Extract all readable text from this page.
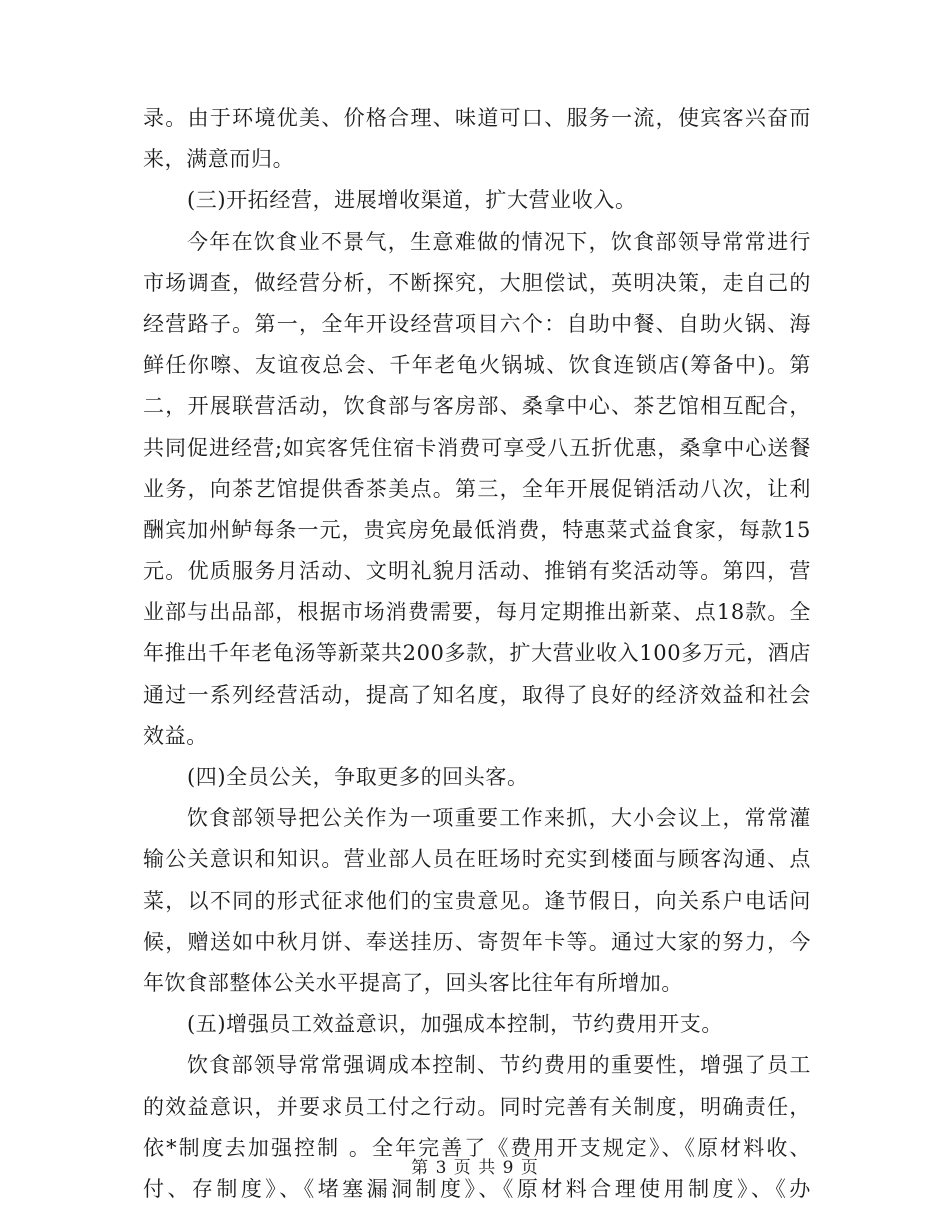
录。由于环境优美、价格合理、味道可口、服务一流，使宾客兴奋而
来，满意而归。
(三)开拓经营，进展增收渠道，扩大营业收入。
今年在饮食业不景气，生意难做的情况下，饮食部领导常常进行
市场调查，做经营分析，不断探究，大胆偿试，英明决策，走自己的
经营路子。第一，全年开设经营项目六个：自助中餐、自助火锅、海
鲜任你嚓、友谊夜总会、千年老龟火锅城、饮食连锁店(筹备中)。第
二，开展联营活动，饮食部与客房部、桑拿中心、茶艺馆相互配合，
共同促进经营;如宾客凭住宿卡消费可享受八五折优惠，桑拿中心送餐
业务，向茶艺馆提供香茶美点。第三，全年开展促销活动八次，让利
酬宾加州鲈每条一元，贵宾房免最低消费，特惠菜式益食家，每款15
元。优质服务月活动、文明礼貌月活动、推销有奖活动等。第四，营
业部与出品部，根据市场消费需要，每月定期推出新菜、点18款。全
年推出千年老龟汤等新菜共200多款，扩大营业收入100多万元，酒店
通过一系列经营活动，提高了知名度，取得了良好的经济效益和社会
效益。
(四)全员公关，争取更多的回头客。
饮食部领导把公关作为一项重要工作来抓，大小会议上，常常灌
输公关意识和知识。营业部人员在旺场时充实到楼面与顾客沟通、点
菜，以不同的形式征求他们的宝贵意见。逢节假日，向关系户电话问
候，赠送如中秋月饼、奉送挂历、寄贺年卡等。通过大家的努力，今
年饮食部整体公关水平提高了，回头客比往年有所增加。
(五)增强员工效益意识，加强成本控制，节约费用开支。
饮食部领导常常强调成本控制、节约费用的重要性，增强了员工
的效益意识，并要求员工付之行动。同时完善有关制度，明确责任，
依*制度去加强控制 。全年完善了《费用开支规定》、《原材料收、
付、存制度》、《堵塞漏洞制度》、《原材料合理使用制度》、《办
第 3 页 共 9 页
